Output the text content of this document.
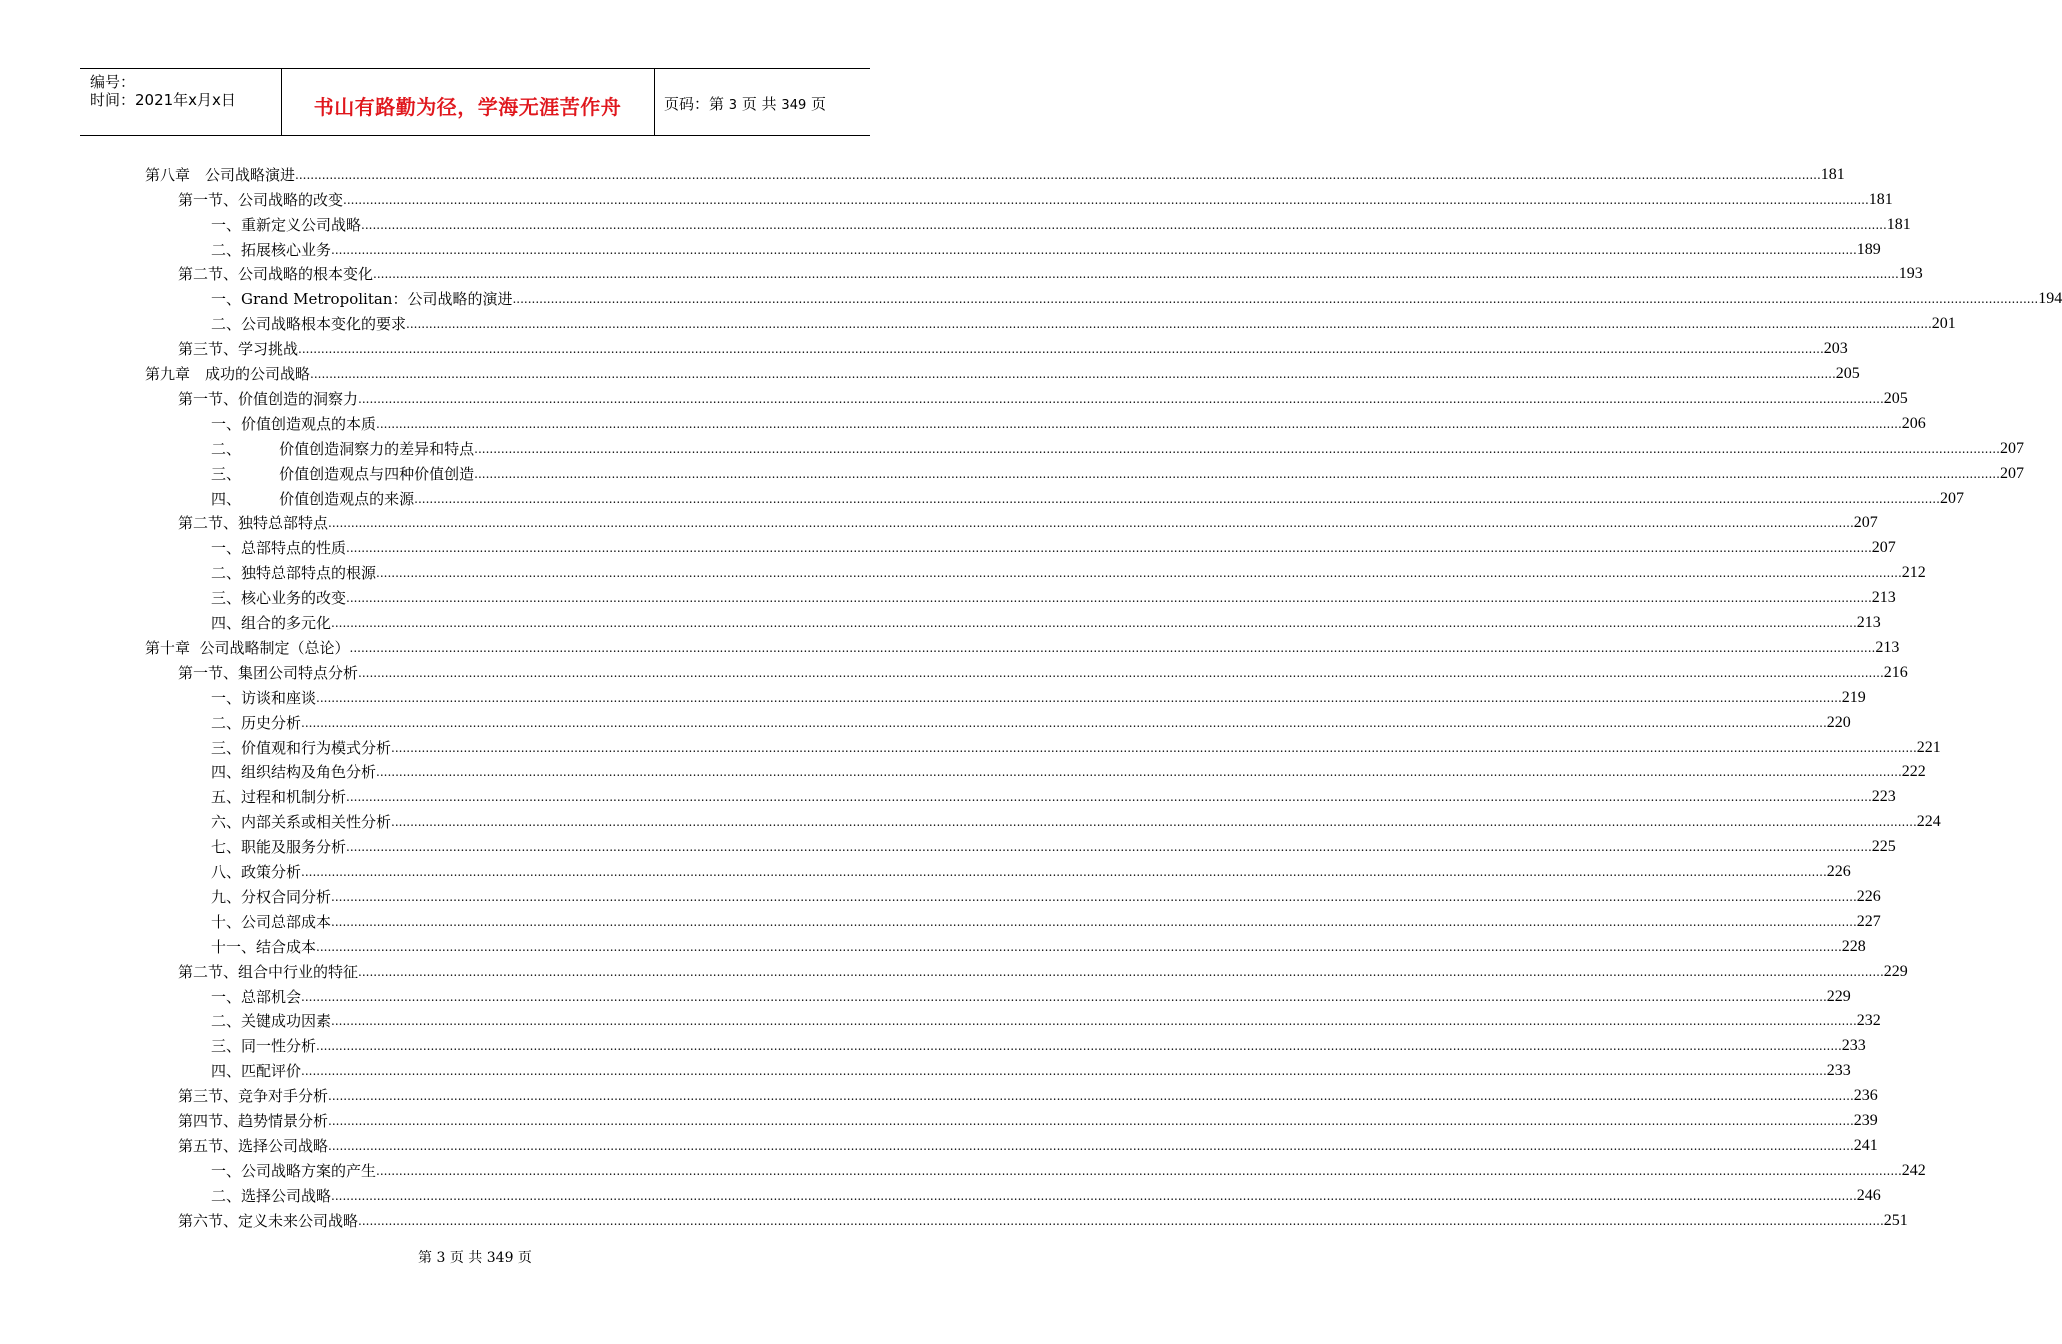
编号：
时间：2021年x月x日	书山有路勤为径，学海无涯苦作舟	页码：第 3 页 共 349 页
第八章　公司战略演进 ................................................................................................................................................................................................................................................................................................................................................................................................................ 181
第一节、公司战略的改变 ................................................................................................................................................................................................................................................................................................................................................................................................................ 181
一、重新定义公司战略 ................................................................................................................................................................................................................................................................................................................................................................................................................ 181
二、拓展核心业务 ................................................................................................................................................................................................................................................................................................................................................................................................................ 189
第二节、公司战略的根本变化 ................................................................................................................................................................................................................................................................................................................................................................................................................ 193
一、Grand Metropolitan：公司战略的演进 ................................................................................................................................................................................................................................................................................................................................................................................................................ 194
二、公司战略根本变化的要求 ................................................................................................................................................................................................................................................................................................................................................................................................................ 201
第三节、学习挑战 ................................................................................................................................................................................................................................................................................................................................................................................................................ 203
第九章　成功的公司战略 ................................................................................................................................................................................................................................................................................................................................................................................................................ 205
第一节、价值创造的洞察力 ................................................................................................................................................................................................................................................................................................................................................................................................................ 205
一、价值创造观点的本质 ................................................................................................................................................................................................................................................................................................................................................................................................................ 206
二、        价值创造洞察力的差异和特点 ................................................................................................................................................................................................................................................................................................................................................................................................................ 207
三、        价值创造观点与四种价值创造 ................................................................................................................................................................................................................................................................................................................................................................................................................ 207
四、        价值创造观点的来源 ................................................................................................................................................................................................................................................................................................................................................................................................................ 207
第二节、独特总部特点 ................................................................................................................................................................................................................................................................................................................................................................................................................ 207
一、总部特点的性质 ................................................................................................................................................................................................................................................................................................................................................................................................................ 207
二、独特总部特点的根源 ................................................................................................................................................................................................................................................................................................................................................................................................................ 212
三、核心业务的改变 ................................................................................................................................................................................................................................................................................................................................................................................................................ 213
四、组合的多元化 ................................................................................................................................................................................................................................................................................................................................................................................................................ 213
第十章  公司战略制定（总论） ................................................................................................................................................................................................................................................................................................................................................................................................................ 213
第一节、集团公司特点分析 ................................................................................................................................................................................................................................................................................................................................................................................................................ 216
一、访谈和座谈 ................................................................................................................................................................................................................................................................................................................................................................................................................ 219
二、历史分析 ................................................................................................................................................................................................................................................................................................................................................................................................................ 220
三、价值观和行为模式分析 ................................................................................................................................................................................................................................................................................................................................................................................................................ 221
四、组织结构及角色分析 ................................................................................................................................................................................................................................................................................................................................................................................................................ 222
五、过程和机制分析 ................................................................................................................................................................................................................................................................................................................................................................................................................ 223
六、内部关系或相关性分析 ................................................................................................................................................................................................................................................................................................................................................................................................................ 224
七、职能及服务分析 ................................................................................................................................................................................................................................................................................................................................................................................................................ 225
八、政策分析 ................................................................................................................................................................................................................................................................................................................................................................................................................ 226
九、分权合同分析 ................................................................................................................................................................................................................................................................................................................................................................................................................ 226
十、公司总部成本 ................................................................................................................................................................................................................................................................................................................................................................................................................ 227
十一、结合成本 ................................................................................................................................................................................................................................................................................................................................................................................................................ 228
第二节、组合中行业的特征 ................................................................................................................................................................................................................................................................................................................................................................................................................ 229
一、总部机会 ................................................................................................................................................................................................................................................................................................................................................................................................................ 229
二、关键成功因素 ................................................................................................................................................................................................................................................................................................................................................................................................................ 232
三、同一性分析 ................................................................................................................................................................................................................................................................................................................................................................................................................ 233
四、匹配评价 ................................................................................................................................................................................................................................................................................................................................................................................................................ 233
第三节、竞争对手分析 ................................................................................................................................................................................................................................................................................................................................................................................................................ 236
第四节、趋势情景分析 ................................................................................................................................................................................................................................................................................................................................................................................................................ 239
第五节、选择公司战略 ................................................................................................................................................................................................................................................................................................................................................................................................................ 241
一、公司战略方案的产生 ................................................................................................................................................................................................................................................................................................................................................................................................................ 242
二、选择公司战略 ................................................................................................................................................................................................................................................................................................................................................................................................................ 246
第六节、定义未来公司战略 ................................................................................................................................................................................................................................................................................................................................................................................................................ 251
第 3 页 共 349 页
